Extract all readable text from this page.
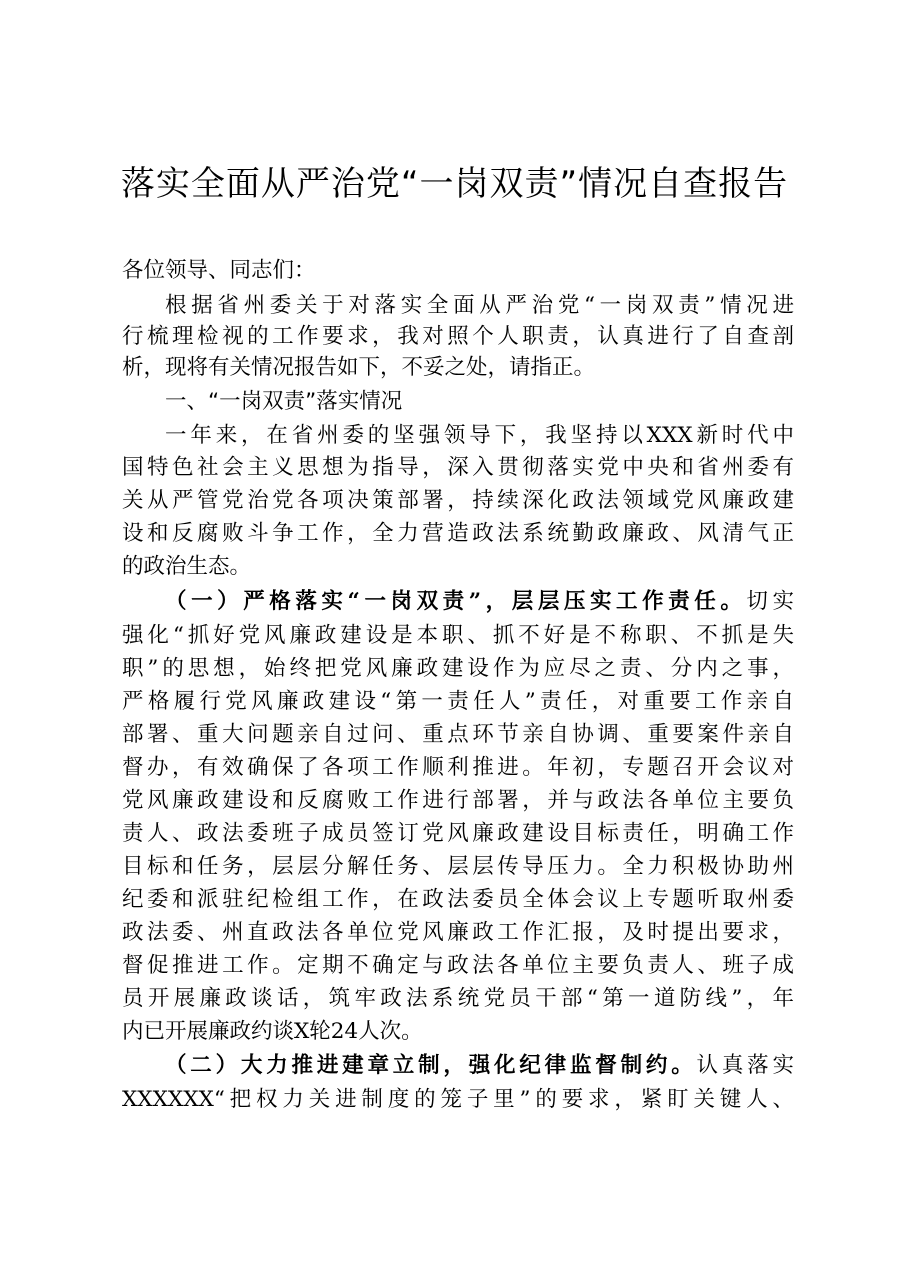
落实全面从严治党“一岗双责”情况自查报告
各位领导、同志们：
根据省州委关于对落实全面从严治党“一岗双责”情况进
行梳理检视的工作要求，我对照个人职责，认真进行了自查剖
析，现将有关情况报告如下，不妥之处，请指正。
一、“一岗双责”落实情况
一年来，在省州委的坚强领导下，我坚持以XXX新时代中
国特色社会主义思想为指导，深入贯彻落实党中央和省州委有
关从严管党治党各项决策部署，持续深化政法领域党风廉政建
设和反腐败斗争工作，全力营造政法系统勤政廉政、风清气正
的政治生态。
（一）严格落实“一岗双责”，层层压实工作责任。切实
强化“抓好党风廉政建设是本职、抓不好是不称职、不抓是失
职”的思想，始终把党风廉政建设作为应尽之责、分内之事，
严格履行党风廉政建设“第一责任人”责任，对重要工作亲自
部署、重大问题亲自过问、重点环节亲自协调、重要案件亲自
督办，有效确保了各项工作顺利推进。年初，专题召开会议对
党风廉政建设和反腐败工作进行部署，并与政法各单位主要负
责人、政法委班子成员签订党风廉政建设目标责任，明确工作
目标和任务，层层分解任务、层层传导压力。全力积极协助州
纪委和派驻纪检组工作，在政法委员全体会议上专题听取州委
政法委、州直政法各单位党风廉政工作汇报，及时提出要求，
督促推进工作。定期不确定与政法各单位主要负责人、班子成
员开展廉政谈话，筑牢政法系统党员干部“第一道防线”，年
内已开展廉政约谈X轮24人次。
（二）大力推进建章立制，强化纪律监督制约。认真落实
XXXXXX“把权力关进制度的笼子里”的要求，紧盯关键人、
